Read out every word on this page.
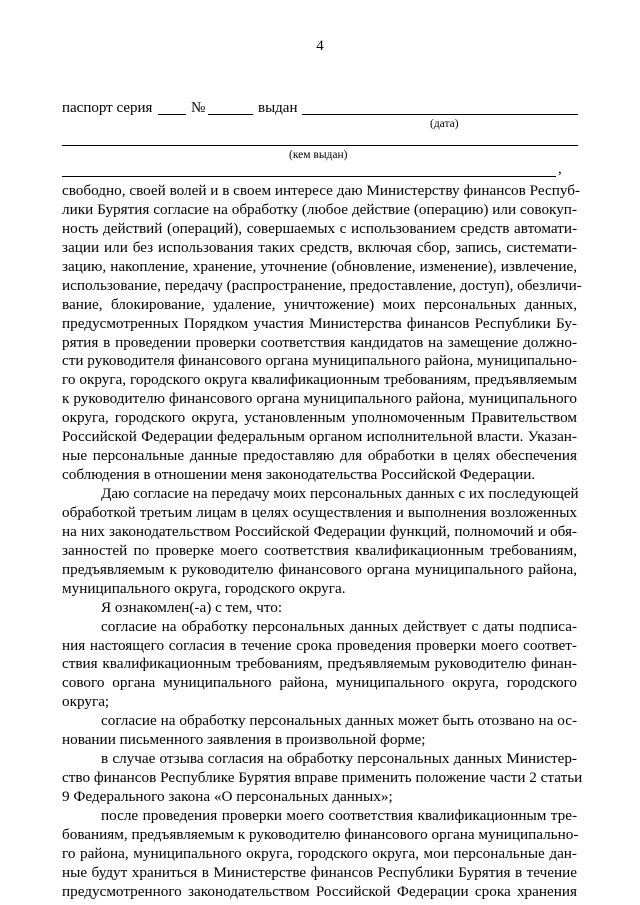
4
паспорт серия	№	выдан
(дата)
(кем выдан)
,
свободно, своей волей и в своем интересе даю Министерству финансов Респуб-
лики Бурятия согласие на обработку (любое действие (операцию) или совокуп-
ность действий (операций), совершаемых с использованием средств автомати-
зации или без использования таких средств, включая сбор, запись, системати-
зацию, накопление, хранение, уточнение (обновление, изменение), извлечение,
использование, передачу (распространение, предоставление, доступ), обезличи-
вание, блокирование, удаление, уничтожение) моих персональных данных,
предусмотренных Порядком участия Министерства финансов Республики Бу-
рятия в проведении проверки соответствия кандидатов на замещение должно-
сти руководителя финансового органа муниципального района, муниципально-
го округа, городского округа квалификационным требованиям, предъявляемым
к руководителю финансового органа муниципального района, муниципального
округа, городского округа, установленным уполномоченным Правительством
Российской Федерации федеральным органом исполнительной власти. Указан-
ные персональные данные предоставляю для обработки в целях обеспечения
соблюдения в отношении меня законодательства Российской Федерации.
Даю согласие на передачу моих персональных данных с их последующей
обработкой третьим лицам в целях осуществления и выполнения возложенных
на них законодательством Российской Федерации функций, полномочий и обя-
занностей по проверке моего соответствия квалификационным требованиям,
предъявляемым к руководителю финансового органа муниципального района,
муниципального округа, городского округа.
Я ознакомлен(-а) с тем, что:
согласие на обработку персональных данных действует с даты подписа-
ния настоящего согласия в течение срока проведения проверки моего соответ-
ствия квалификационным требованиям, предъявляемым руководителю финан-
сового органа муниципального района, муниципального округа, городского
округа;
согласие на обработку персональных данных может быть отозвано на ос-
новании письменного заявления в произвольной форме;
в случае отзыва согласия на обработку персональных данных Министер-
ство финансов Республике Бурятия вправе применить положение части 2 статьи
9 Федерального закона «О персональных данных»;
после проведения проверки моего соответствия квалификационным тре-
бованиям, предъявляемым к руководителю финансового органа муниципально-
го района, муниципального округа, городского округа, мои персональные дан-
ные будут храниться в Министерстве финансов Республики Бурятия в течение
предусмотренного законодательством Российской Федерации срока хранения
